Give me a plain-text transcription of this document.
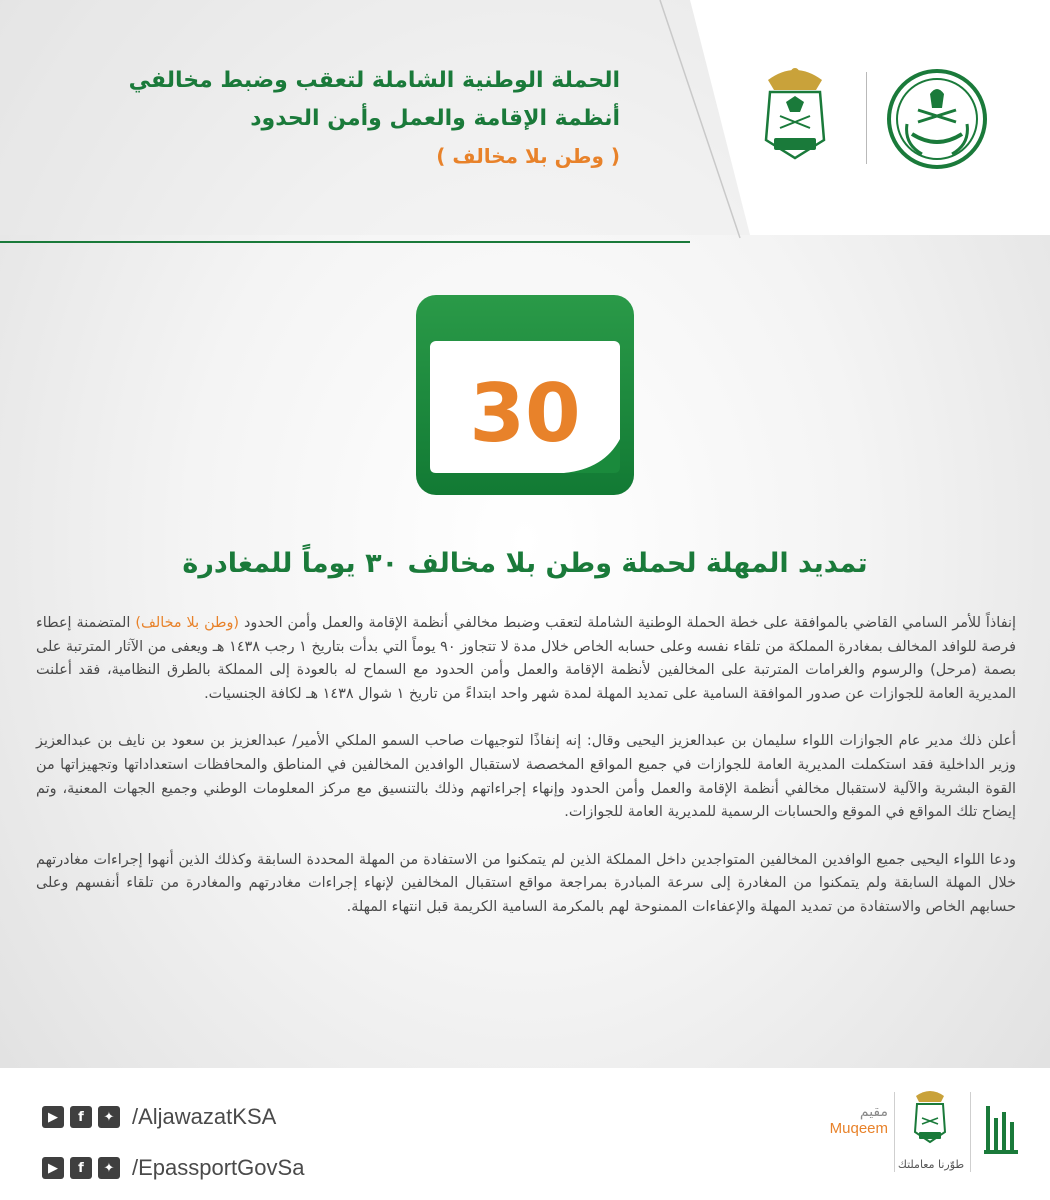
الحملة الوطنية الشاملة لتعقب وضبط مخالفي

أنظمة الإقامة والعمل وأمن الحدود

( وطن بلا مخالف )

30
تمديد المهلة لحملة وطن بلا مخالف ٣٠ يوماً للمغادرة

إنفاذاً للأمر السامي القاضي بالموافقة على خطة الحملة الوطنية الشاملة لتعقب وضبط مخالفي أنظمة الإقامة والعمل وأمن الحدود (وطن بلا مخالف) المتضمنة إعطاء فرصة للوافد المخالف بمغادرة المملكة من تلقاء نفسه وعلى حسابه الخاص خلال مدة لا تتجاوز ٩٠ يوماً التي بدأت بتاريخ ١ رجب ١٤٣٨ هـ ويعفى من الآثار المترتبة على بصمة (مرحل) والرسوم والغرامات المترتبة على المخالفين لأنظمة الإقامة والعمل وأمن الحدود مع السماح له بالعودة إلى المملكة بالطرق النظامية، فقد أعلنت المديرية العامة للجوازات عن صدور الموافقة السامية على تمديد المهلة لمدة شهر واحد ابتداءً من تاريخ ١ شوال ١٤٣٨ هـ لكافة الجنسيات.

أعلن ذلك مدير عام الجوازات اللواء سليمان بن عبدالعزيز اليحيى وقال: إنه إنفاذًا لتوجيهات صاحب السمو الملكي الأمير/ عبدالعزيز بن سعود بن نايف بن عبدالعزيز وزير الداخلية فقد استكملت المديرية العامة للجوازات في جميع المواقع المخصصة لاستقبال الوافدين المخالفين في المناطق والمحافظات استعداداتها وتجهيزاتها من القوة البشرية والآلية لاستقبال مخالفي أنظمة الإقامة والعمل وأمن الحدود وإنهاء إجراءاتهم وذلك بالتنسيق مع مركز المعلومات الوطني وجميع الجهات المعنية، وتم إيضاح تلك المواقع في الموقع والحسابات الرسمية للمديرية العامة للجوازات.

ودعا اللواء اليحيى جميع الوافدين المخالفين المتواجدين داخل المملكة الذين لم يتمكنوا من الاستفادة من المهلة المحددة السابقة وكذلك الذين أنهوا إجراءات مغادرتهم خلال المهلة السابقة ولم يتمكنوا من المغادرة إلى سرعة المبادرة بمراجعة مواقع استقبال المخالفين لإنهاء إجراءات مغادرتهم والمغادرة من تلقاء أنفسهم وعلى حسابهم الخاص والاستفادة من تمديد المهلة والإعفاءات الممنوحة لهم بالمكرمة السامية الكريمة قبل انتهاء المهلة.

▶	f	✦ /AljawazatKSA
▶	f	✦ /EpassportGovSa
مقيم
Muqeem
طوّرنا معاملتك
